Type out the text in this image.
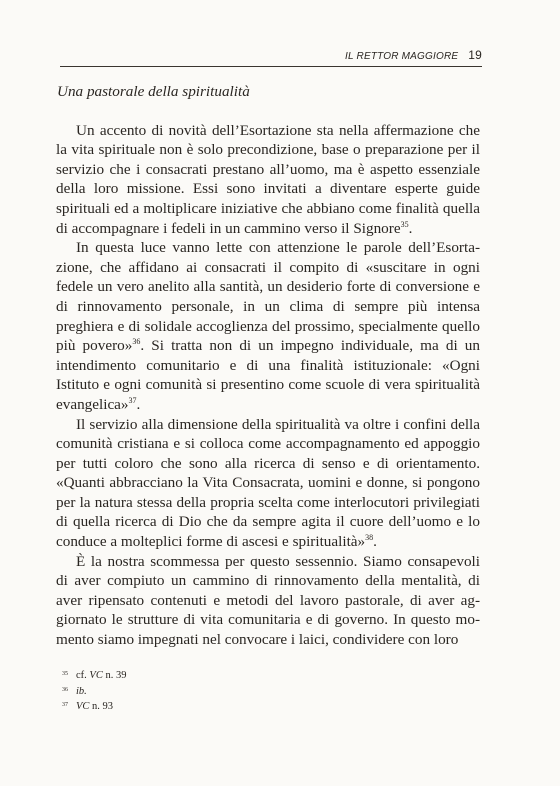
IL RETTOR MAGGIORE 19
Una pastorale della spiritualità

Un accento di novità dell’Esortazione sta nella affermazione che la vita spirituale non è solo precondizione, base o preparazione per il servizio che i consacrati prestano all’uomo, ma è aspetto essenziale della loro missione. Essi sono invitati a diventare esperte guide spirituali ed a moltiplicare iniziative che abbiano come finalità quella di accompagnare i fedeli in un cammino verso il Signore$^{35}$.

In questa luce vanno lette con attenzione le parole dell’Esortazione, che affidano ai consacrati il compito di «suscitare in ogni fedele un vero anelito alla santità, un desiderio forte di conversione e di rinnovamento personale, in un clima di sempre più intensa preghiera e di solidale accoglienza del prossimo, specialmente quello più povero»$^{36}$. Si tratta non di un impegno individuale, ma di un intendimento comunitario e di una finalità istituzionale: «Ogni Istituto e ogni comunità si presentino come scuole di vera spiritualità evangelica»$^{37}$.

Il servizio alla dimensione della spiritualità va oltre i confini della comunità cristiana e si colloca come accompagnamento ed appoggio per tutti coloro che sono alla ricerca di senso e di orientamento. «Quanti abbracciano la Vita Consacrata, uomini e donne, si pongono per la natura stessa della propria scelta come interlocutori privilegiati di quella ricerca di Dio che da sempre agita il cuore dell’uomo e lo conduce a molteplici forme di ascesi e spiritualità»$^{38}$.

È la nostra scommessa per questo sessennio. Siamo consapevoli di aver compiuto un cammino di rinnovamento della mentalità, di aver ripensato contenuti e metodi del lavoro pastorale, di aver aggiornato le strutture di vita comunitaria e di governo. In questo momento siamo impegnati nel convocare i laici, condividere con loro

35 cf. VC n. 39
36 ib.
37 VC n. 93
